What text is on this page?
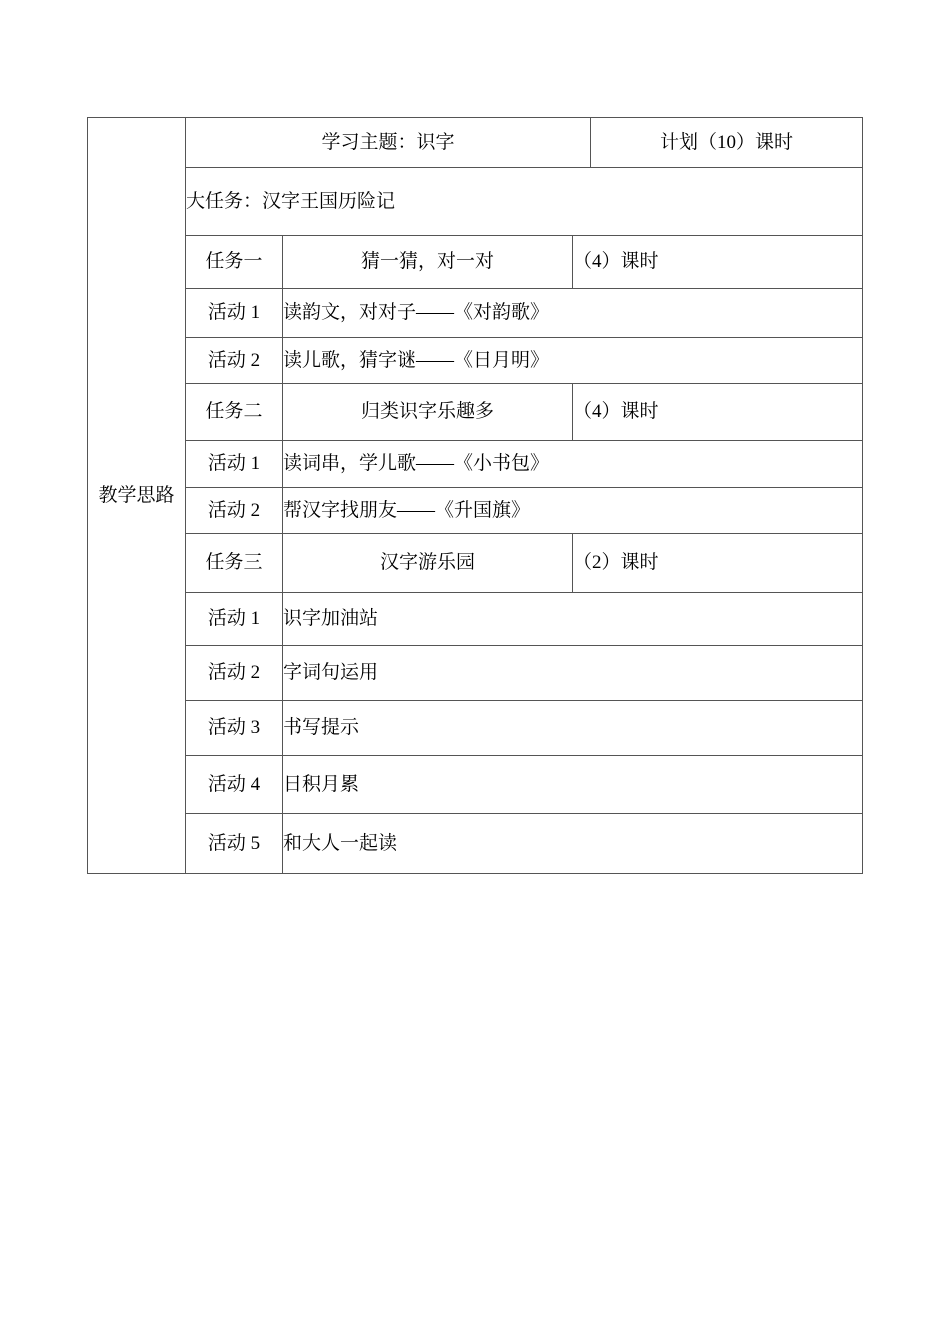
教学思路	学习主题：识字			计划（10）课时
	大任务：汉字王国历险记			
	任务一	猜一猜，对一对	（4）课时	
	活动 1	读韵文，对对子——《对韵歌》		
	活动 2	读儿歌，猜字谜——《日月明》		
	任务二	归类识字乐趣多	（4）课时	
	活动 1	读词串，学儿歌——《小书包》		
	活动 2	帮汉字找朋友——《升国旗》		
	任务三	汉字游乐园	（2）课时	
	活动 1	识字加油站		
	活动 2	字词句运用		
	活动 3	书写提示		
	活动 4	日积月累		
	活动 5	和大人一起读		
